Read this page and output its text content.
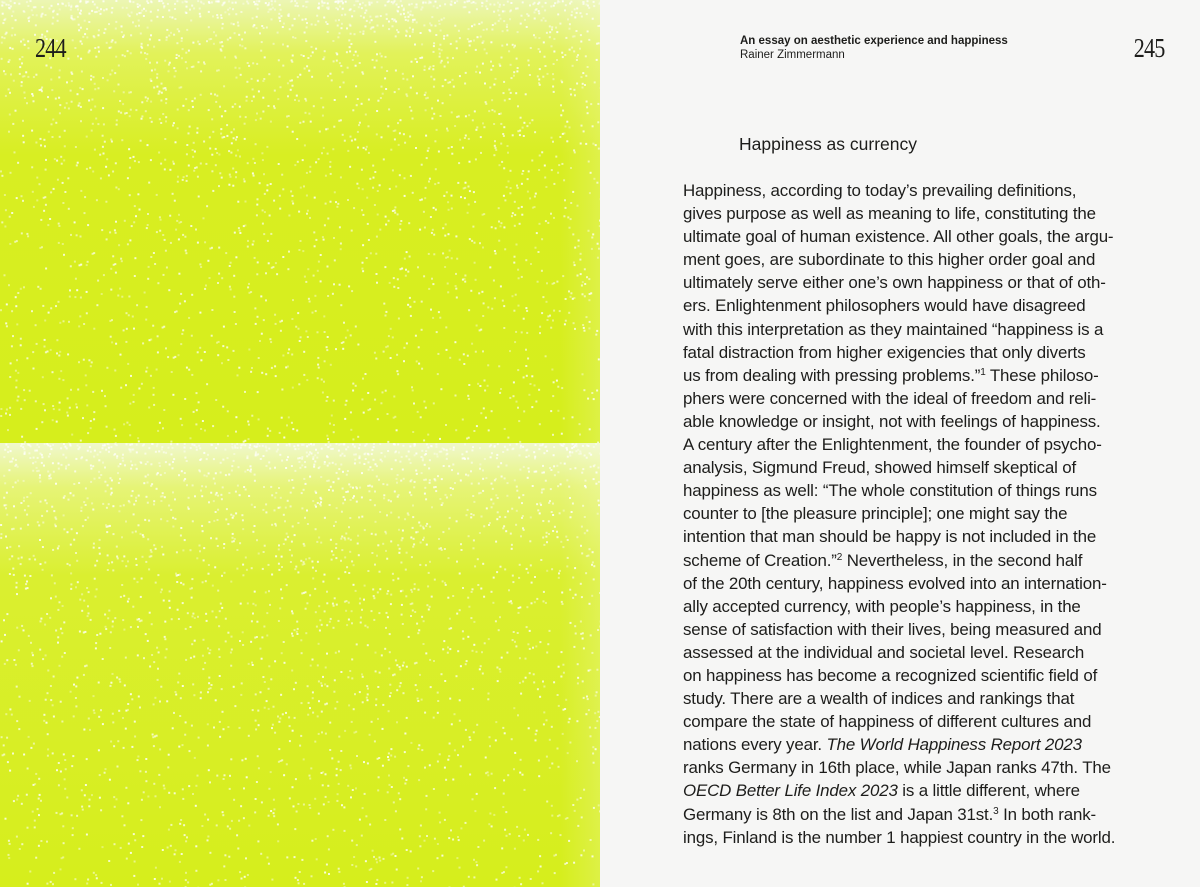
244	An essay on aesthetic experience and happiness
Rainer Zimmermann	245
Happiness as currency
Happiness, according to today’s prevailing definitions,
gives purpose as well as meaning to life, constituting the
ultimate goal of human existence. All other goals, the argu-
ment goes, are subordinate to this higher order goal and
ultimately serve either one’s own happiness or that of oth-
ers. Enlightenment philosophers would have disagreed
with this interpretation as they maintained “happiness is a
fatal distraction from higher exigencies that only diverts
us from dealing with pressing problems.”$^1$ These philoso-
phers were concerned with the ideal of freedom and reli-
able knowledge or insight, not with feelings of happiness.
A century after the Enlightenment, the founder of psycho-
analysis, Sigmund Freud, showed himself skeptical of
happiness as well: “The whole constitution of things runs
counter to [the pleasure principle]; one might say the
intention that man should be happy is not included in the
scheme of Creation.”$^2$ Nevertheless, in the second half
of the 20th century, happiness evolved into an internation-
ally accepted currency, with people’s happiness, in the
sense of satisfaction with their lives, being measured and
assessed at the individual and societal level. Research
on happiness has become a recognized scientific field of
study. There are a wealth of indices and rankings that
compare the state of happiness of different cultures and
nations every year. The World Happiness Report 2023
ranks Germany in 16th place, while Japan ranks 47th. The
OECD Better Life Index 2023 is a little different, where
Germany is 8th on the list and Japan 31st.$^3$ In both rank-
ings, Finland is the number 1 happiest country in the world.
